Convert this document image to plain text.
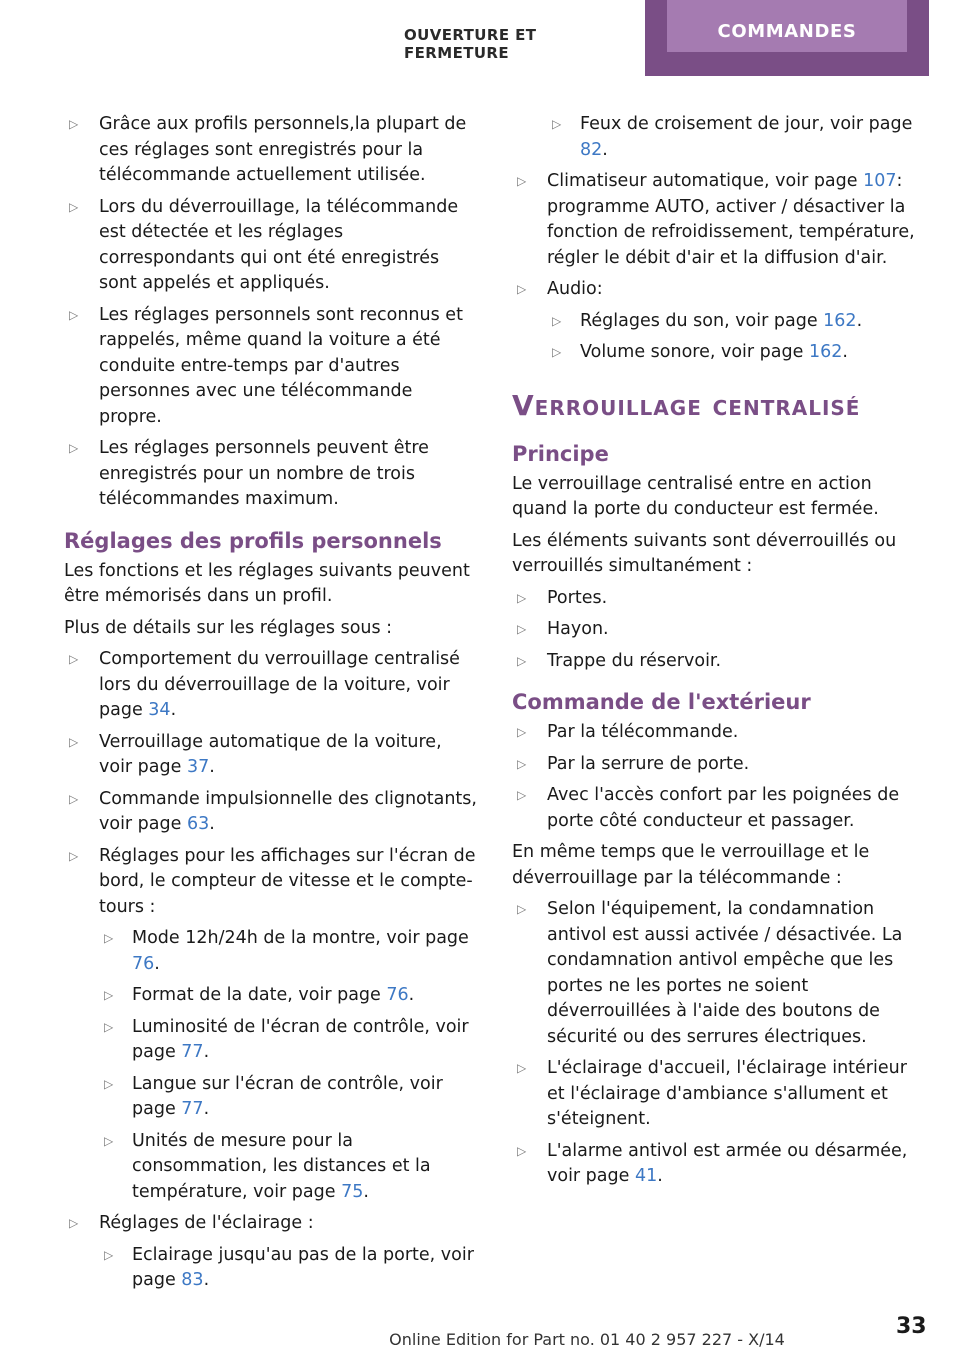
OUVERTURE ET FERMETURE
COMMANDES
▷ Grâce aux profils personnels,la plupart de ces réglages sont enregistrés pour la télécommande actuellement utilisée.
▷ Lors du déverrouillage, la télécommande est détectée et les réglages correspondants qui ont été enregistrés sont appelés et appliqués.
▷ Les réglages personnels sont reconnus et rappelés, même quand la voiture a été conduite entre-temps par d'autres personnes avec une télécommande propre.
▷ Les réglages personnels peuvent être enregistrés pour un nombre de trois télécommandes maximum.
Réglages des profils personnels

Les fonctions et les réglages suivants peuvent être mémorisés dans un profil.

Plus de détails sur les réglages sous :

▷ Comportement du verrouillage centralisé lors du déverrouillage de la voiture, voir page 34.
▷ Verrouillage automatique de la voiture, voir page 37.
▷ Commande impulsionnelle des clignotants, voir page 63.
▷ Réglages pour les affichages sur l'écran de bord, le compteur de vitesse et le compte-tours :
▷ Mode 12h/24h de la montre, voir page 76.
▷ Format de la date, voir page 76.
▷ Luminosité de l'écran de contrôle, voir page 77.
▷ Langue sur l'écran de contrôle, voir page 77.
▷ Unités de mesure pour la consommation, les distances et la température, voir page 75.
▷ Réglages de l'éclairage :
▷ Eclairage jusqu'au pas de la porte, voir page 83.
▷ Feux de croisement de jour, voir page 82.
▷ Climatiseur automatique, voir page 107: programme AUTO, activer / désactiver la fonction de refroidissement, température, régler le débit d'air et la diffusion d'air.
▷ Audio:
▷ Réglages du son, voir page 162.
▷ Volume sonore, voir page 162.
Verrouillage centralisé
Principe

Le verrouillage centralisé entre en action quand la porte du conducteur est fermée.

Les éléments suivants sont déverrouillés ou verrouillés simultanément :

▷ Portes.
▷ Hayon.
▷ Trappe du réservoir.
Commande de l'extérieur
▷ Par la télécommande.
▷ Par la serrure de porte.
▷ Avec l'accès confort par les poignées de porte côté conducteur et passager.

En même temps que le verrouillage et le déverrouillage par la télécommande :

▷ Selon l'équipement, la condamnation antivol est aussi activée / désactivée. La condamnation antivol empêche que les portes ne les portes ne soient déverrouillées à l'aide des boutons de sécurité ou des serrures électriques.
▷ L'éclairage d'accueil, l'éclairage intérieur et l'éclairage d'ambiance s'allument et s'éteignent.
▷ L'alarme antivol est armée ou désarmée, voir page 41.
33
Online Edition for Part no. 01 40 2 957 227 - X/14
